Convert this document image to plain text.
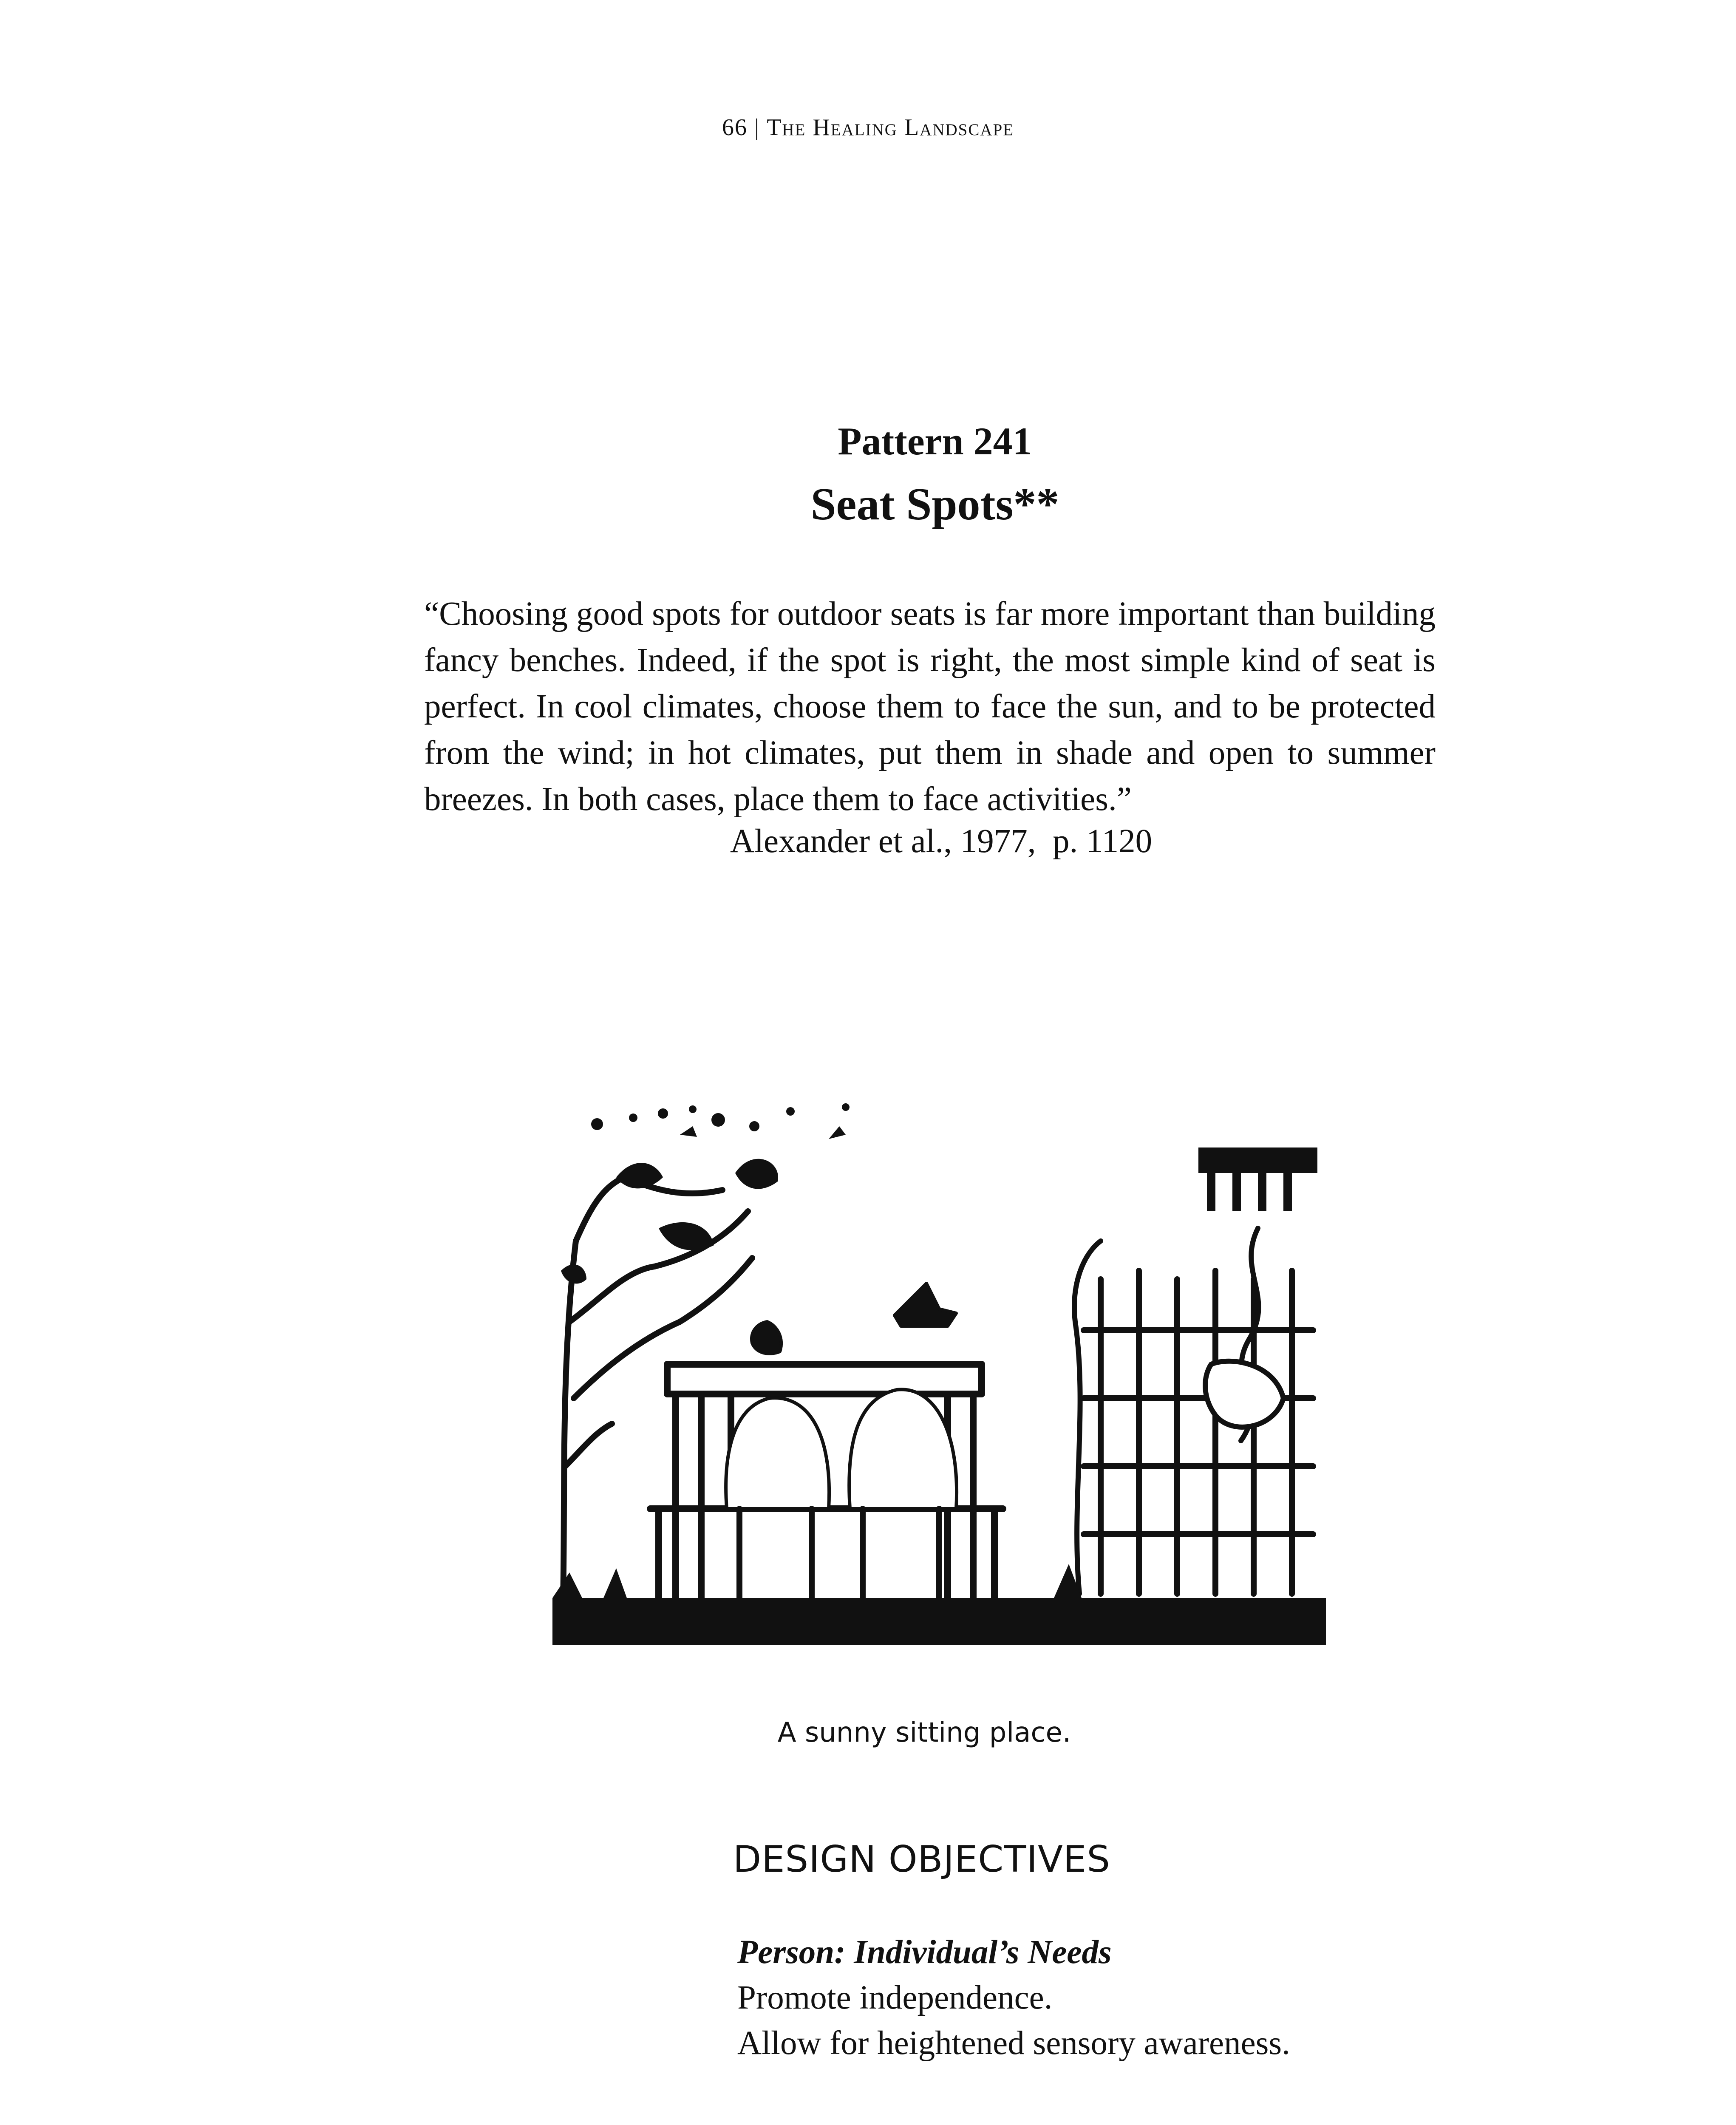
66 | The Healing Landscape
Pattern 241
Seat Spots**

“Choosing good spots for outdoor seats is far more important than building fancy benches. Indeed, if the spot is right, the most simple kind of seat is perfect. In cool climates, choose them to face the sun, and to be protected from the wind; in hot climates, put them in shade and open to summer breezes. In both cases, place them to face activities.”

Alexander et al., 1977,  p. 1120
A sunny sitting place.
DESIGN OBJECTIVES
Person: Individual’s Needs
Promote independence.
Allow for heightened sensory awareness.
